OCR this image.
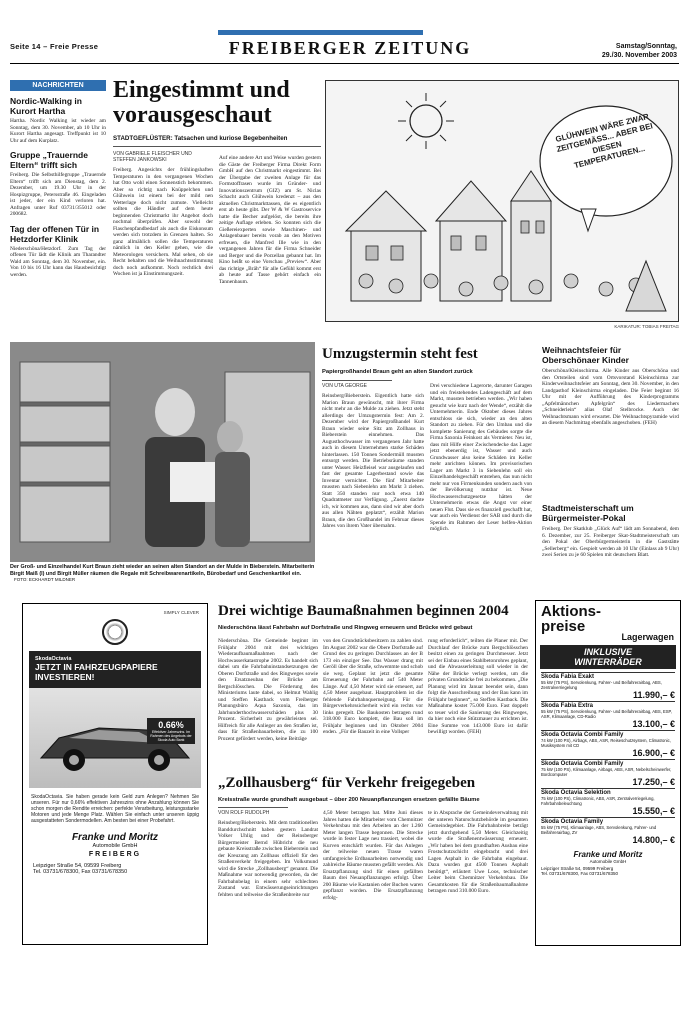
Seite 14 – Freie Presse	FREIBERGER ZEITUNG	Samstag/Sonntag,
29./30. November 2003
NACHRICHTEN
Nordic-Walking in Kurort Hartha
Hartha. Nordic Walking ist wieder am Sonntag, dem 30. November, ab 10 Uhr in Kurort Hartha angesagt. Treffpunkt ist 10 Uhr auf dem Kurplatz.
Gruppe „Trauernde Eltern“ trifft sich
Freiberg. Die Selbsthilfegruppe „Trauernde Eltern“ trifft sich am Dienstag, dem 2. Dezember, um 19.30 Uhr in der Hospizgruppe, Petersstraße 46. Eingeladen ist jeder, der ein Kind verloren hat. Anfragen unter Ruf 03731/355012 oder 200682.
Tag der offenen Tür in Hetzdorfer Klinik
Niederschöna/Hetzdorf. Zum Tag der offenen Tür lädt die Klinik am Tharandter Wald am Sonntag, dem 30. November, ein. Von 10 bis 16 Uhr kann das Hausbesichtigt werden.
Eingestimmt und
vorausgeschaut
STADTGEFLÜSTER: Tatsachen und kuriose Begebenheiten
VON GABRIELE FLEISCHER UND STEFFEN JANKOWSKI
Freiberg. Angesichts der frühlingshaften Temperaturen in den vergangenen Wochen hat Otto wohl einen Sonnenstich bekommen. Aber so richtig nach Knüppelchen und Glühwein ist einem bei der mild nen Wetterlage doch nicht zumute. Vielleicht sollten die Händler auf dem heute beginnenden Christmarkt ihr Angebot doch nochmal überprüfen. Aber sowohl der Flaschenpfandbedarf als auch die Eiskonsum werden sich trotzdem in Grenzen halten. So ganz allmählich sollen die Temperaturen nämlich in den Keller gehen, wie die Meteorologen versichern. Mal sehen, ob sie Recht behalten und die Weihnachtsstimmung doch noch aufkommt. Noch rechtlich drei Wochen ist ja Einstimmungszeit.
Auf eine andere Art und Weise wurden gestern die Gäste der Freiberger Firma Direkt Form GmbH auf den Christmarkt eingestimmt. Bei der Übergabe der zweiten Anlage für das Formstoffrasen wurde im Gründer- und Innovationszentrum (GIZ) am St. Niclas Schacht auch Glühwein kredenzt – aus den aktuellen Christmarkttassen, die es eigentlich erst ab heute gibt. Der W & W Gastroservice hatte die Becher aufgelöst, die bereits ihre zeitige Auflage erleben. So konnten sich die Gießereiexperten sowie Maschinen- und Anlagenbauer bereits vorab an den Motiven erfreuen, die Manfred Ille wie in den vergangenen Jahren für die Firma Schneider und Berger und die Porzellan gebannt hat. Im Kino heißt so eine Vorschau „Preview“. Aber das richtige „Bräh“ für alle Gefühl kommt erst ab heute auf Tasse gehört einfach ein Tannenbaum.
GLÜHWEIN WÄRE ZWAR ZEITGEMÄSS... ABER BEI DIESEN TEMPERATUREN...
KARIKATUR: TOBIAS FREITAG
Der Groß- und Einzelhandel Kurt Braun zieht wieder an seinen alten Standort an der Mulde in Bieberstein. Mitarbeiterin Birgit Maiß (l) und Birgit Müller räumen die Regale mit Schreibwarenartikeln, Bürobedarf und Geschenkartikel ein. FOTO: ECKHARDT MILDNER
Umzugstermin steht fest
Papiergroßhandel Braun geht an alten Standort zurück
VON UTA GEORGE
Reinsberg/Bieberstein. Eigentlich hatte sich Marion Braun gewünscht, mit ihrer Firma nicht mehr an die Mulde zu ziehen. Jetzt steht allerdings der Umzugstermin fest: Am 2. Dezember wird der Papiergroßhandel Kurt Braun wieder seine Sitz am Zollhaus in Bieberstein einnehmen. Das Augusthochwasser im vergangenen Jahr hatte auch in diesem Unternehmen starke Schäden hinterlassen. 150 Tonnen Sondermüll mussten entsorgt werden. Die Betriebsräume standen unter Wasser. Heizfleisel war ausgelaufen und fast der gesamte Lagerbestand sowie das Inventar vernichtet. Die fünf Mitarbeiter mussten nach Siebenlehn am Markt 3 ziehen. Statt 350 standen nur noch etwa 140 Quadratmeter zur Verfügung. „Zuerst dachte ich, wir kommen aus, dann sind wir aber doch aus allen Nähten geplatzt“, erzählt Marion Braun, die den Großhandel im Februar dieses Jahres von ihrem Vater übernahm.
Drei verschiedene Lagerorte, darunter Garagen und ein freistehendes Ladengeschäft auf dem Markt, mussten betrieben werden. „Wir haben gesucht wie kurz nach der Wende“, erzählt die Unternehmerin. Ende Oktober dieses Jahres entschloss sie sich, wieder an den alten Standort zu ziehen. Für den Umbau und die komplette Sanierung des Gebäudes sorgte die Firma Saxonia Feinkost als Vermieter. Neu ist, dass mit Hilfe einer Zwischendecke das Lager jetzt ebenerdig ist, Wasser und auch Grundwasser also keine Schäden im Keller mehr anrichten können. Im provisorischen Lager am Markt 3 in Siebenlehn soll ein Einzelhandelsgeschäft entstehen, das nun nicht mehr nur von Firmenkunden sondern auch von der Bevölkerung nutzbar ist. Neue Hochwasserschutzgesetze hätten der Unternehmerin etwas die Angst vor einer neuen Flut. Dass sie es finanziell geschafft hat, war auch ein Verdienst der SAB und durch die Spende im Rahmen der Leser helfen-Aktion möglich.
Weihnachtsfeier für Oberschönaer Kinder
Oberschöna/Kleinschirma. Alle Kinder aus Oberschöna und den Ortsteilen sind vom Ortsvorstand Kleinschirma zur Kinderweihnachtsfeier am Sonntag, dem 30. November, in den Landgasthof Kleinschirma eingeladen. Die Feier beginnt 16 Uhr mit der Aufführung des Kinderprogramms „Apfelmännchen Apfelgrün“ des Liedermachers „Schneiderlein“ alias Olaf Stelbrocke. Auch der Weihnachtsmann wird erwartet. Die Weihnachtspyramide wird an diesem Nachmittag ebenfalls angeschoben. (FEH)
Stadtmeisterschaft um Bürgermeister-Pokal
Freiberg. Der Skatklub „Glück Auf“ lädt am Sonnabend, dem 6. Dezember, zur 25. Freiberger Skat-Stadtmeisterschaft um den Pokal der Oberbürgermeisterin in die Gaststätte „Sellerberg“ ein. Gespielt werden ab 10 Uhr (Einlass ab 9 Uhr) zwei Serien zu je 60 Spielen mit deutschem Blatt.
SIMPLY CLEVER
SkodaOctavia
JETZT IN FAHRZEUGPAPIERE
INVESTIEREN!
0.66%
Effektiver Jahreszins. Im Rahmen des Angebots der Skoda Auto Bank
SkodaOctavia. Sie haben gerade kein Geld zum Anlegen? Nehmen Sie unseren. Für nur 0,66% effektiven Jahreszins ohne Anzahlung können Sie schon morgen die Rendite erreichen: perfekte Verarbeitung, leistungsstarke Motoren und jede Menge Platz. Wählen Sie einfach unter unseren üppig ausgestatteten Sondermodellen. Am besten bei einer Probefahrt.
Franke und Moritz
Automobile GmbH
FREIBERG
Leipziger Straße 54, 09599 Freiberg
Tel. 03731/678300, Fax 03731/678350
Drei wichtige Baumaßnahmen beginnen 2004
Niederschöna lässt Fahrbahn auf Dorfstraße und Ringweg erneuern und Brücke wird gebaut
Niederschöna. Die Gemeinde beginnt im Frühjahr 2004 mit drei wichtigen Wiederaufbaumaßnahmen nach der Hochwasserkatastrophe 2002. Es handelt sich dabei um die Fahrbahninstandsetzungen der Oberen Dorfstraße und des Ringweges sowie den Ersatzneubau der Brücke am Bergschlösschen. Die Förderung des Ministeriums laute dabei, so Helmut Wahlig und Steffen Kastback vom Freiberger Planungsbüro Aqua Saxonia, das im Jahrhunderthochwasserschäden plus 30 Prozent. Sicherheit zu gewährleisten sei. Hilfreich für alle Anlieger an den Straßen ist, dass für Straßenbauarbeiten, die zu 100 Prozent gefördert werden, keine Beiträge
von den Grundstücksbesitzern zu zahlen sind. Im August 2002 war die Obere Dorfstraße auf Grund des zu geringen Durchlasses an der B 173 ein einziger See. Das Wasser drang mit Geröll über die Straße, schwemmte und schob sie weg. Geplant ist jetzt die gesamte Erneuerung der Fahrbahn auf 540 Meter Länge. Auf 4,50 Meter wird sie erneuert, auf 4,50 Meter ausgebaut. Hauptproblem ist die fehlende Fahrbahnquerneigung. Für die Bürgerverkehrssicherheit wird ein rechts vor links geregelt. Die Baukosten betragen rund 318.000 Euro komplett, die Bau soll im Frühjahr beginnen und im Oktober 2004 enden. „Für die Bauzeit in eine Vollsper
rung erforderlich“, teilten die Planer mit. Der Durchlauf der Brücke zum Bergschlösschen besitzt einen zu geringen Durchmesser. Jetzt sei der Einbau eines Stahlbetonrohres geplant, und die Abwasserleitung soll wieder in der Nähe der Brücke verlegt werden, um die privaten Grundstücke frei zu bekommen. „Die Planung wird im Januar beendet sein, dann folgt die Ausschreibung und der Bau kann im Frühjahr beginnen“, so Steffen Kastback. Die Maßnahme kostet 75.000 Euro. Fast doppelt so teuer wird die Sanierung des Ringweges, da hier noch eine Stützmauer zu errichten ist. Eine Summe von 143.000 Euro ist dafür bewilligt worden. (FEH)
„Zollhausberg“ für Verkehr freigegeben
Kreisstraße wurde grundhaft ausgebaut – über 200 Neuanpflanzungen ersetzen gefällte Bäume
VON ROLF RUDOLPH
Reinsberg/Bieberstein. Mit dem traditionellen Banddurchschnitt haben gestern Landrat Volker Uhlig und der Reinsberger Bürgermeister Bernd Hübricht die neu gebaute Kreisstraße zwischen Bieberstein und der Kreuzung am Zollhaus offiziell für den Straßenverkehr freigegeben. Im Volksmund wird die Strecke „Zollhausberg“ genannt. Die Maßnahme war notwendig geworden, da der Fahrbahnbelag in einem sehr schlechten Zustand war. Entwässerungseinrichtungen fehlten und teilweise die Straßenbreite nur
4,50 Meter betragen hat. Mitte Juni dieses Jahres hatten die Mitarbeiter vom Chemnitzer Verkehrsbau mit den Arbeiten an der 1.260 Meter langen Trasse begonnen. Die Strecke wurde in fester Lage neu trassiert, wobei die Kurven entschärft wurden. Für das Anlegen der teilweise neuen Trasse waren umfangreiche Erdbauarbeiten notwendig und zahlreiche Bäume mussten gefällt werden. Als Ersatzpflanzung sind für einen gefällten Baum drei Neuanpflanzungen erfolgt. Über 200 Bäume wie Kastanien oder Buchen waren gepflanzt worden. Die Ersatzpflanzung erfolg-
te in Absprache der Gemeindeverwaltung mit der unteren Naturschutzbehörde im gesamten Gemeindegebiet. Die Fahrbahnbreite beträgt jetzt durchgehend 5,50 Meter. Gleichzeitig wurde die Straßenentwässerung erneuert. „Wir haben bei dem grundhaften Ausbau eine Frostschutzschicht eingebracht und drei Lagen Asphalt in die Fahrbahn eingebaut. Dazu wurden gut 4500 Tonnen Asphalt benötigt“, erläutert Uwe Loos, technischer Leiter beim Chemnitzer Verkehrsbau. Die Gesamtkosten für die Straßenbaumaßnahme betragen rund 310.000 Euro.
Aktions-
preise
Lagerwagen
INKLUSIVE
WINTERRÄDER
Skoda Fabia Exakt
55 kW (75 PS), Servolenkung, Fahrer- und Beifahrerairbag, ABS, Zentralverriegelung
11.990,– €
Skoda Fabia Extra
55 kW (75 PS), Servolenkung, Fahrer- und Beifahrerairbag, ABS, ESP, ASR, Klimaanlage, CD-Radio
13.100,– €
Skoda Octavia Combi Family
74 kW (100 PS), Airbags, ABS, ASR, Reiseschutzsystem, Climatronic, Musiksystem mit CD
16.900,– €
Skoda Octavia Combi Family
75 kW (100 PS), Klimaanlage, Airbags, ABS, ASR, Nebelscheinwerfer, Bordcomputer
17.250,– €
Skoda Octavia Selektion
75 kW (100 PS), Climatronic, ABS, ASR, Zentralverriegelung, Fahrbahnbeleuchtung
15.550,– €
Skoda Octavia Family
55 kW (75 PS), Klimaanlage, ABS, Servolenkung, Fahrer- und Beifahrerairbag, ZV
14.800,– €
Franke und Moritz
Automobile GmbH
Leipziger Straße 54, 09599 Freiberg
Tel. 03731/678300, Fax 03731/678350
